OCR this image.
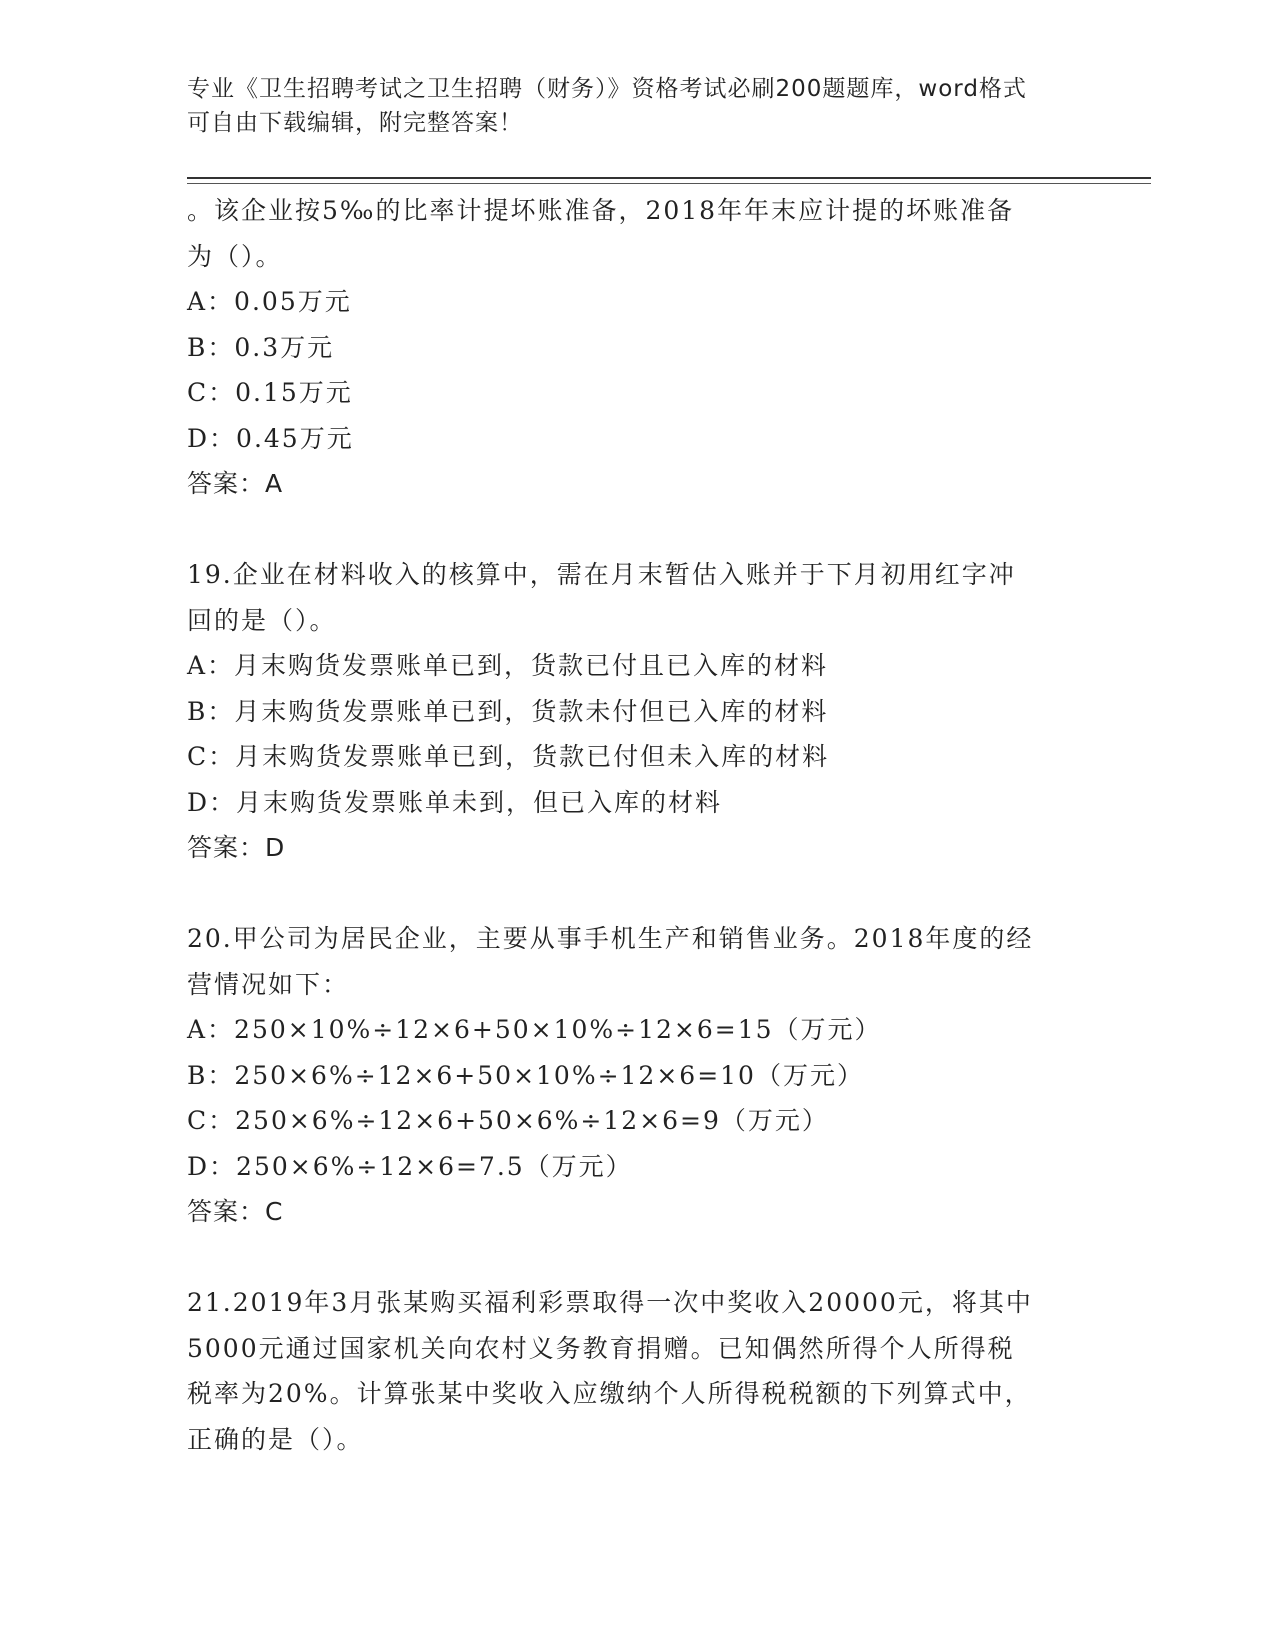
专业《卫生招聘考试之卫生招聘（财务）》资格考试必刷200题题库，word格式
可自由下载编辑，附完整答案！
。该企业按5‰的比率计提坏账准备，2018年年末应计提的坏账准备
为（）。
A：0.05万元
B：0.3万元
C：0.15万元
D：0.45万元
答案：A
19.企业在材料收入的核算中，需在月末暂估入账并于下月初用红字冲
回的是（）。
A：月末购货发票账单已到，货款已付且已入库的材料
B：月末购货发票账单已到，货款未付但已入库的材料
C：月末购货发票账单已到，货款已付但未入库的材料
D：月末购货发票账单未到，但已入库的材料
答案：D
20.甲公司为居民企业，主要从事手机生产和销售业务。2018年度的经
营情况如下：
A：250×10%÷12×6+50×10%÷12×6=15（万元）
B：250×6%÷12×6+50×10%÷12×6=10（万元）
C：250×6%÷12×6+50×6%÷12×6=9（万元）
D：250×6%÷12×6=7.5（万元）
答案：C
21.2019年3月张某购买福利彩票取得一次中奖收入20000元，将其中
5000元通过国家机关向农村义务教育捐赠。已知偶然所得个人所得税
税率为20%。计算张某中奖收入应缴纳个人所得税税额的下列算式中，
正确的是（）。
